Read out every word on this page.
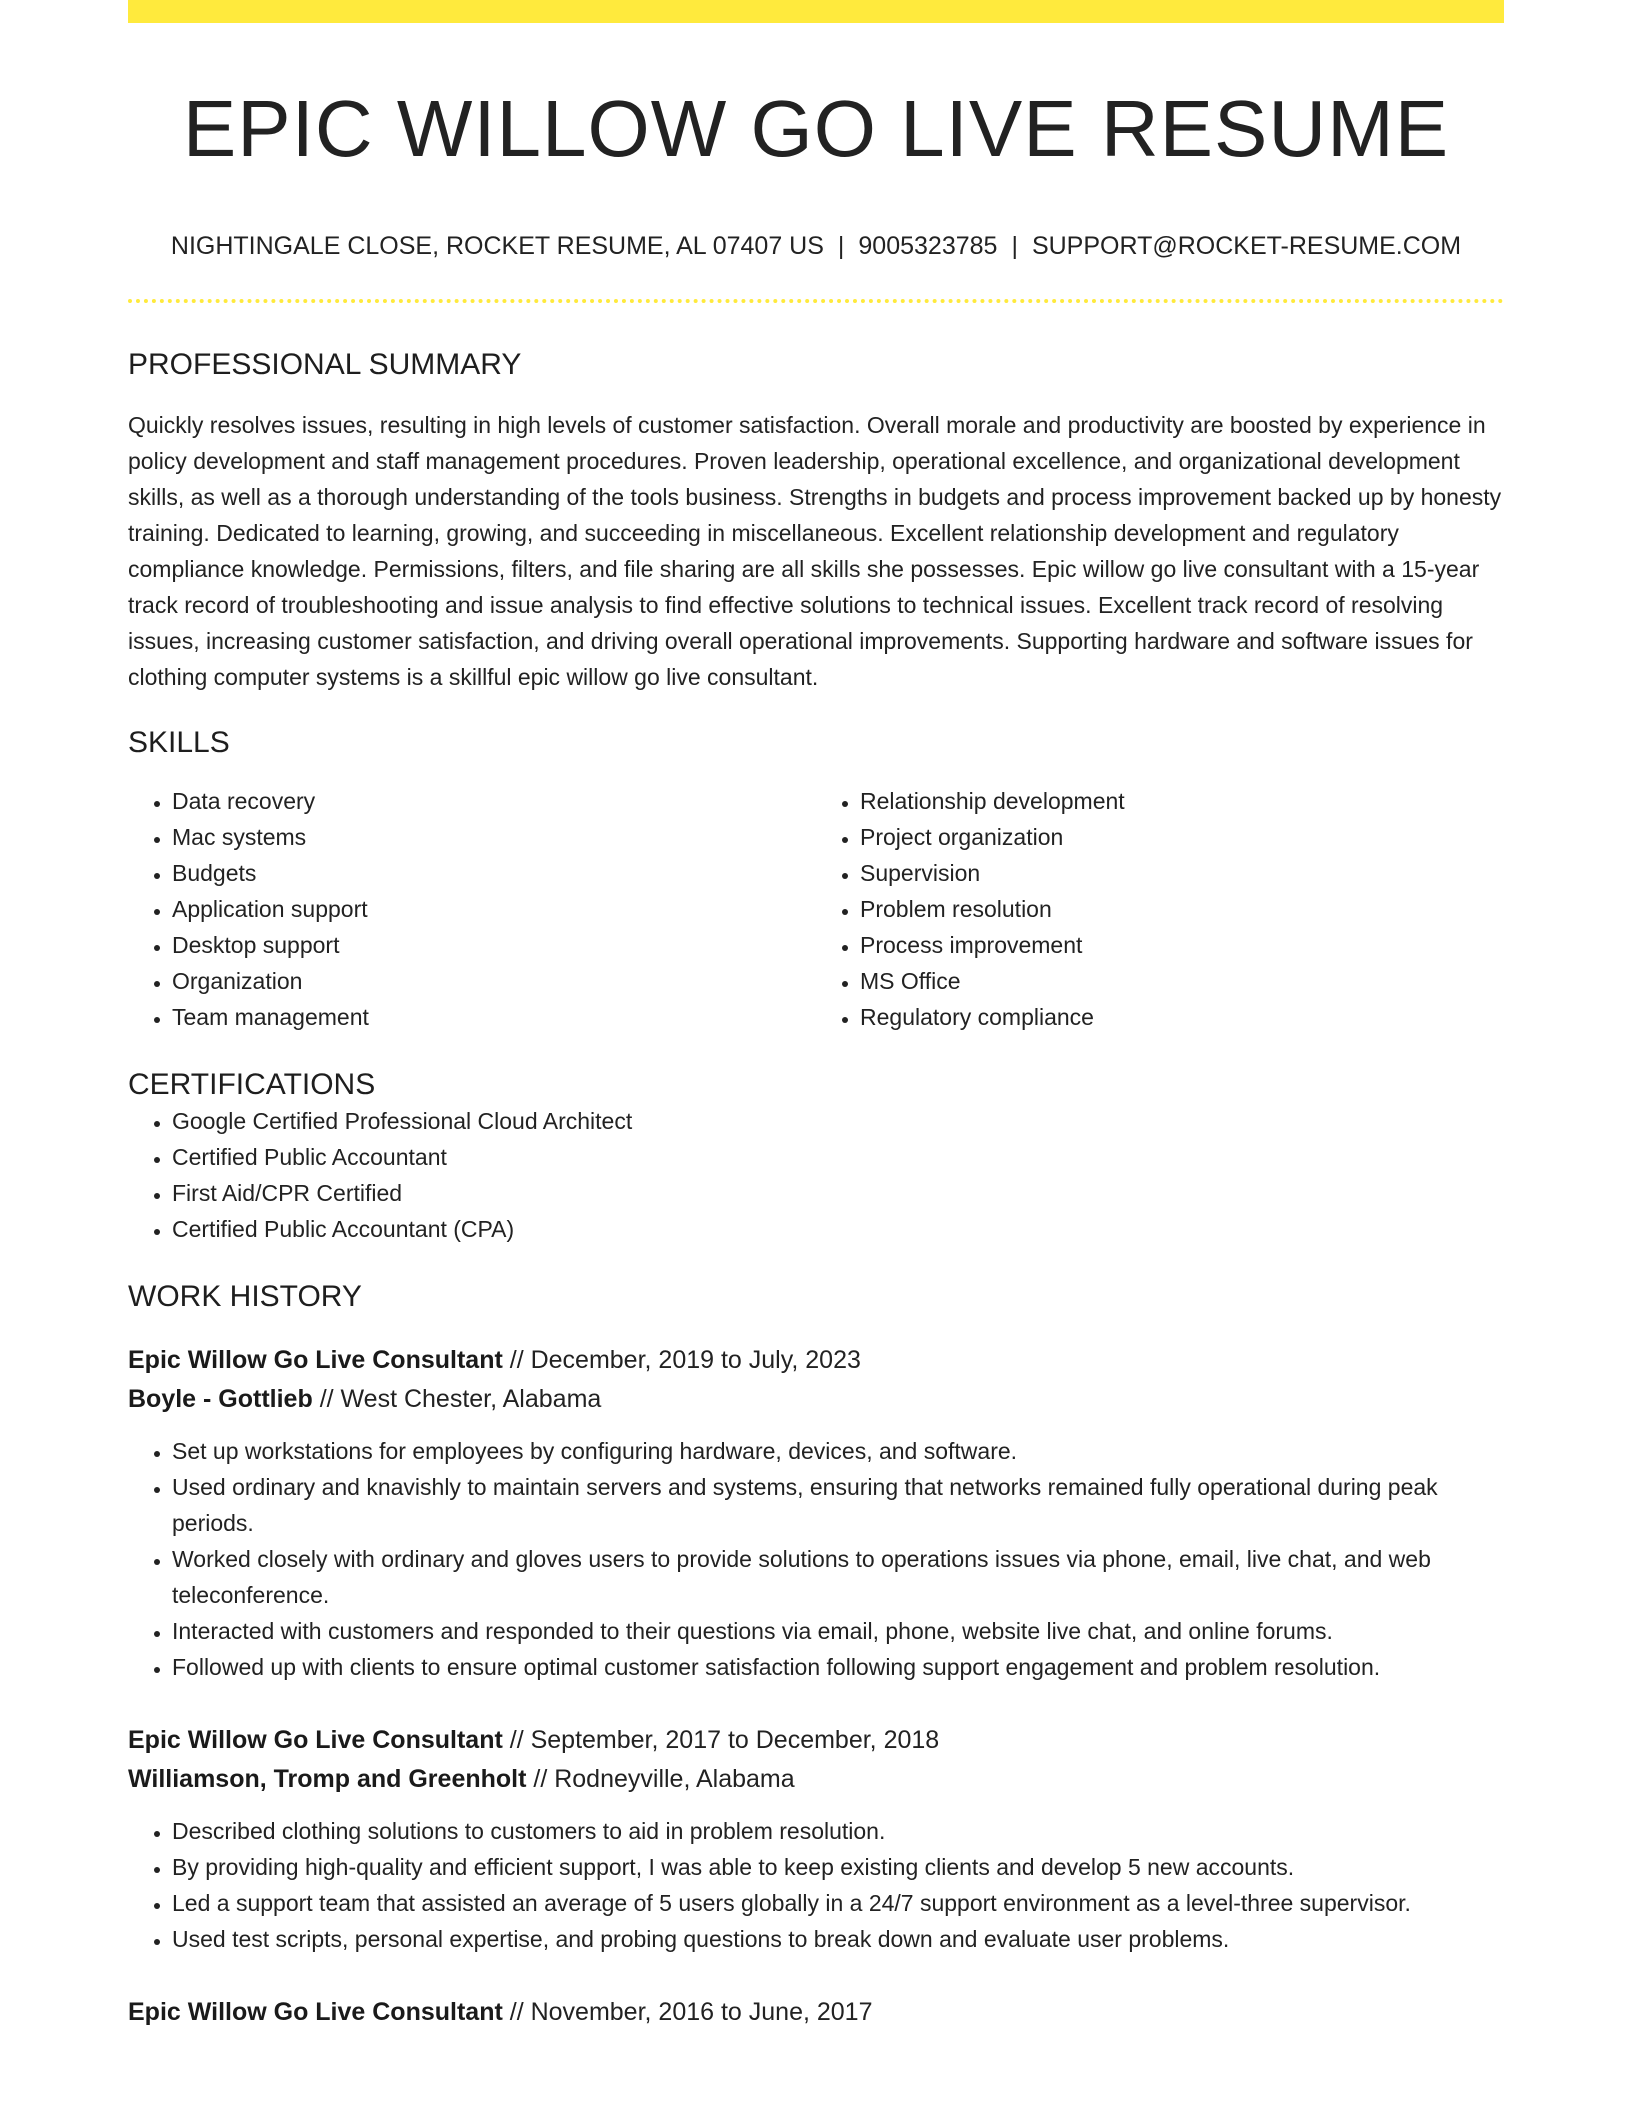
EPIC WILLOW GO LIVE RESUME
NIGHTINGALE CLOSE, ROCKET RESUME, AL 07407 US | 9005323785 | SUPPORT@ROCKET-RESUME.COM
PROFESSIONAL SUMMARY

Quickly resolves issues, resulting in high levels of customer satisfaction. Overall morale and productivity are boosted by experience in policy development and staff management procedures. Proven leadership, operational excellence, and organizational development skills, as well as a thorough understanding of the tools business. Strengths in budgets and process improvement backed up by honesty training. Dedicated to learning, growing, and succeeding in miscellaneous. Excellent relationship development and regulatory compliance knowledge. Permissions, filters, and file sharing are all skills she possesses. Epic willow go live consultant with a 15-year track record of troubleshooting and issue analysis to find effective solutions to technical issues. Excellent track record of resolving issues, increasing customer satisfaction, and driving overall operational improvements. Supporting hardware and software issues for clothing computer systems is a skillful epic willow go live consultant.

SKILLS
• Data recovery
• Mac systems
• Budgets
• Application support
• Desktop support
• Organization
• Team management
• Relationship development
• Project organization
• Supervision
• Problem resolution
• Process improvement
• MS Office
• Regulatory compliance
CERTIFICATIONS
• Google Certified Professional Cloud Architect
• Certified Public Accountant
• First Aid/CPR Certified
• Certified Public Accountant (CPA)
WORK HISTORY
Epic Willow Go Live Consultant // December, 2019 to July, 2023
Boyle - Gottlieb // West Chester, Alabama
• Set up workstations for employees by configuring hardware, devices, and software.
• Used ordinary and knavishly to maintain servers and systems, ensuring that networks remained fully operational during peak periods.
• Worked closely with ordinary and gloves users to provide solutions to operations issues via phone, email, live chat, and web teleconference.
• Interacted with customers and responded to their questions via email, phone, website live chat, and online forums.
• Followed up with clients to ensure optimal customer satisfaction following support engagement and problem resolution.
Epic Willow Go Live Consultant // September, 2017 to December, 2018
Williamson, Tromp and Greenholt // Rodneyville, Alabama
• Described clothing solutions to customers to aid in problem resolution.
• By providing high-quality and efficient support, I was able to keep existing clients and develop 5 new accounts.
• Led a support team that assisted an average of 5 users globally in a 24/7 support environment as a level-three supervisor.
• Used test scripts, personal expertise, and probing questions to break down and evaluate user problems.
Epic Willow Go Live Consultant // November, 2016 to June, 2017
